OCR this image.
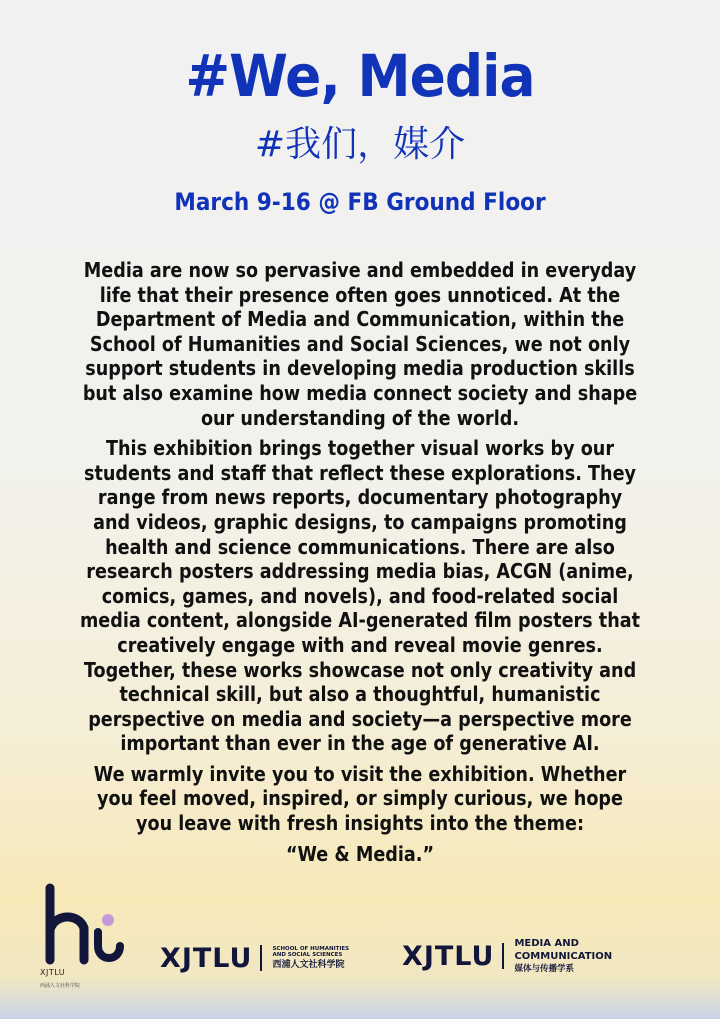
#We, Media
#我们，媒介
March 9-16 @ FB Ground Floor

Media are now so pervasive and embedded in everyday life that their presence often goes unnoticed. At the Department of Media and Communication, within the School of Humanities and Social Sciences, we not only support students in developing media production skills but also examine how media connect society and shape our understanding of the world.

This exhibition brings together visual works by our students and staff that reflect these explorations. They range from news reports, documentary photography and videos, graphic designs, to campaigns promoting health and science communications. There are also research posters addressing media bias, ACGN (anime, comics, games, and novels), and food-related social media content, alongside AI-generated film posters that creatively engage with and reveal movie genres. Together, these works showcase not only creativity and technical skill, but also a thoughtful, humanistic perspective on media and society—a perspective more important than ever in the age of generative AI.

We warmly invite you to visit the exhibition. Whether you feel moved, inspired, or simply curious, we hope you leave with fresh insights into the theme:

“We & Media.”

XJTLU
西浦人文社科学院
XJTLU	SCHOOL OF HUMANITIES AND SOCIAL SCIENCES
西浦人文社科学院	XJTLU MEDIA AND COMMUNICATION
媒体与传播学系
